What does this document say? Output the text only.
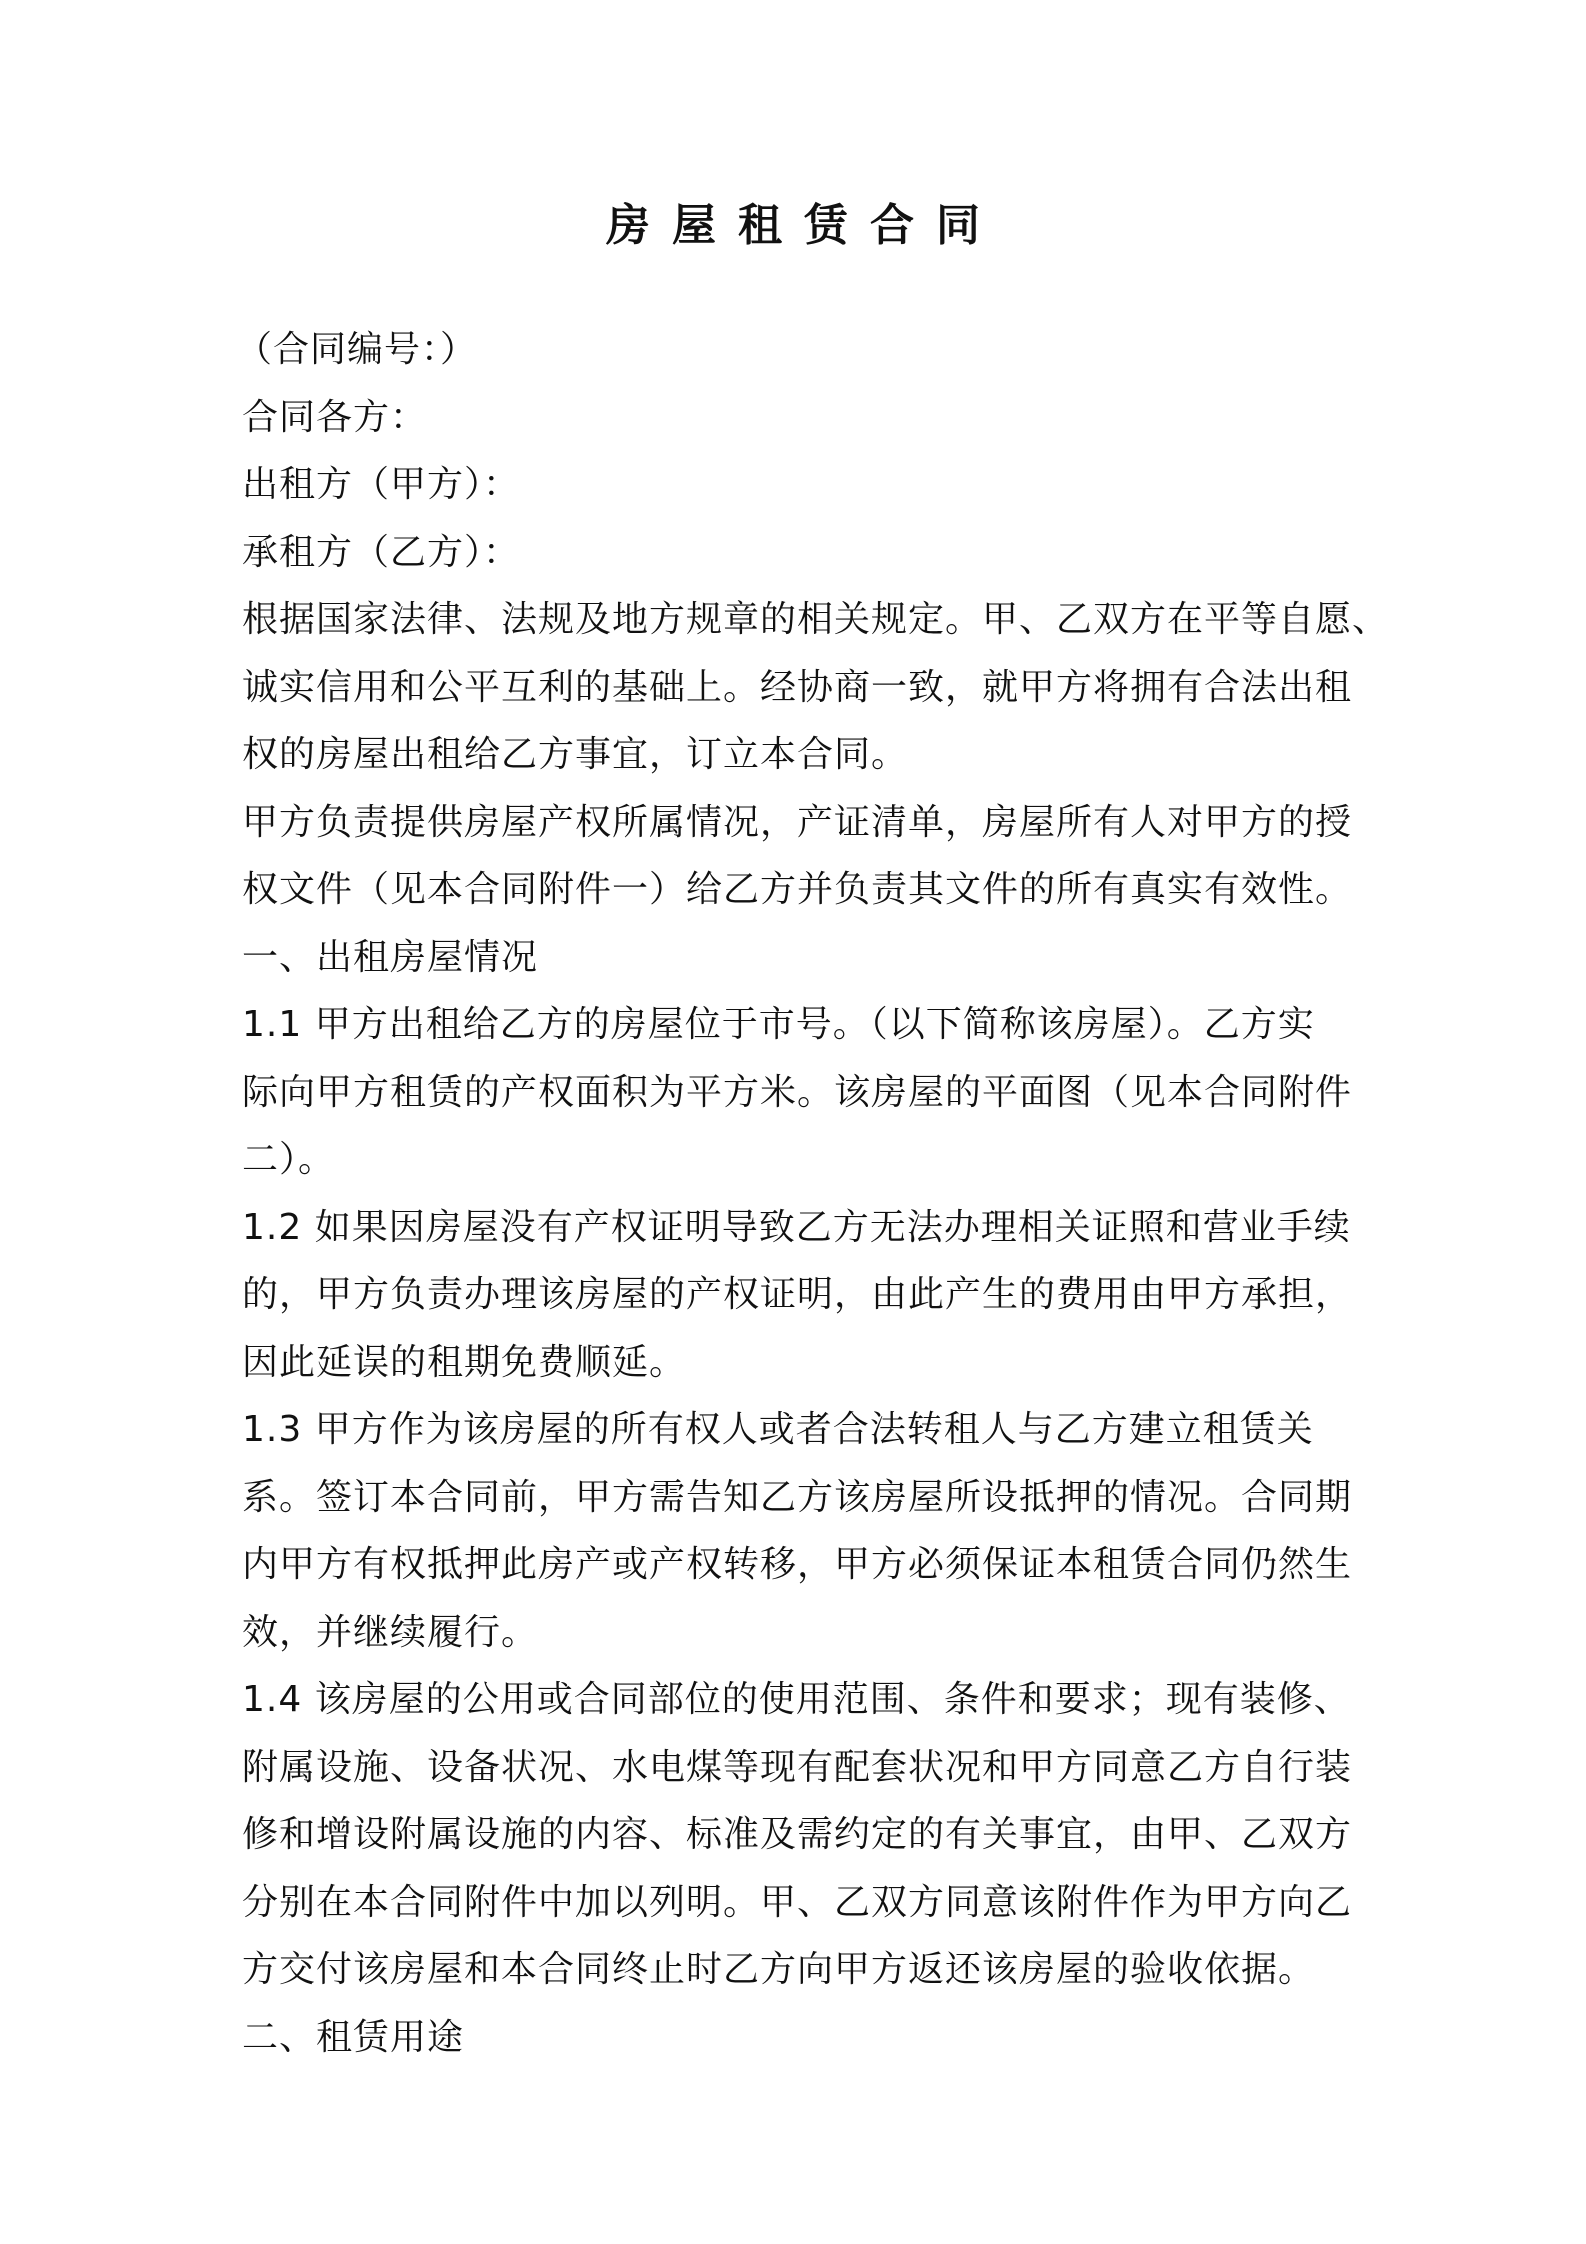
房屋租赁合同
（合同编号：）
合同各方：
出租方（甲方）：
承租方（乙方）：
根据国家法律、法规及地方规章的相关规定。甲、乙双方在平等自愿、
诚实信用和公平互利的基础上。经协商一致，就甲方将拥有合法出租
权的房屋出租给乙方事宜，订立本合同。
甲方负责提供房屋产权所属情况，产证清单，房屋所有人对甲方的授
权文件（见本合同附件一）给乙方并负责其文件的所有真实有效性。
一、出租房屋情况
1.1 甲方出租给乙方的房屋位于市号。（以下简称该房屋）。乙方实
际向甲方租赁的产权面积为平方米。该房屋的平面图（见本合同附件
二）。
1.2 如果因房屋没有产权证明导致乙方无法办理相关证照和营业手续
的，甲方负责办理该房屋的产权证明，由此产生的费用由甲方承担，
因此延误的租期免费顺延。
1.3 甲方作为该房屋的所有权人或者合法转租人与乙方建立租赁关
系。签订本合同前，甲方需告知乙方该房屋所设抵押的情况。合同期
内甲方有权抵押此房产或产权转移，甲方必须保证本租赁合同仍然生
效，并继续履行。
1.4 该房屋的公用或合同部位的使用范围、条件和要求；现有装修、
附属设施、设备状况、水电煤等现有配套状况和甲方同意乙方自行装
修和增设附属设施的内容、标准及需约定的有关事宜，由甲、乙双方
分别在本合同附件中加以列明。甲、乙双方同意该附件作为甲方向乙
方交付该房屋和本合同终止时乙方向甲方返还该房屋的验收依据。
二、租赁用途
